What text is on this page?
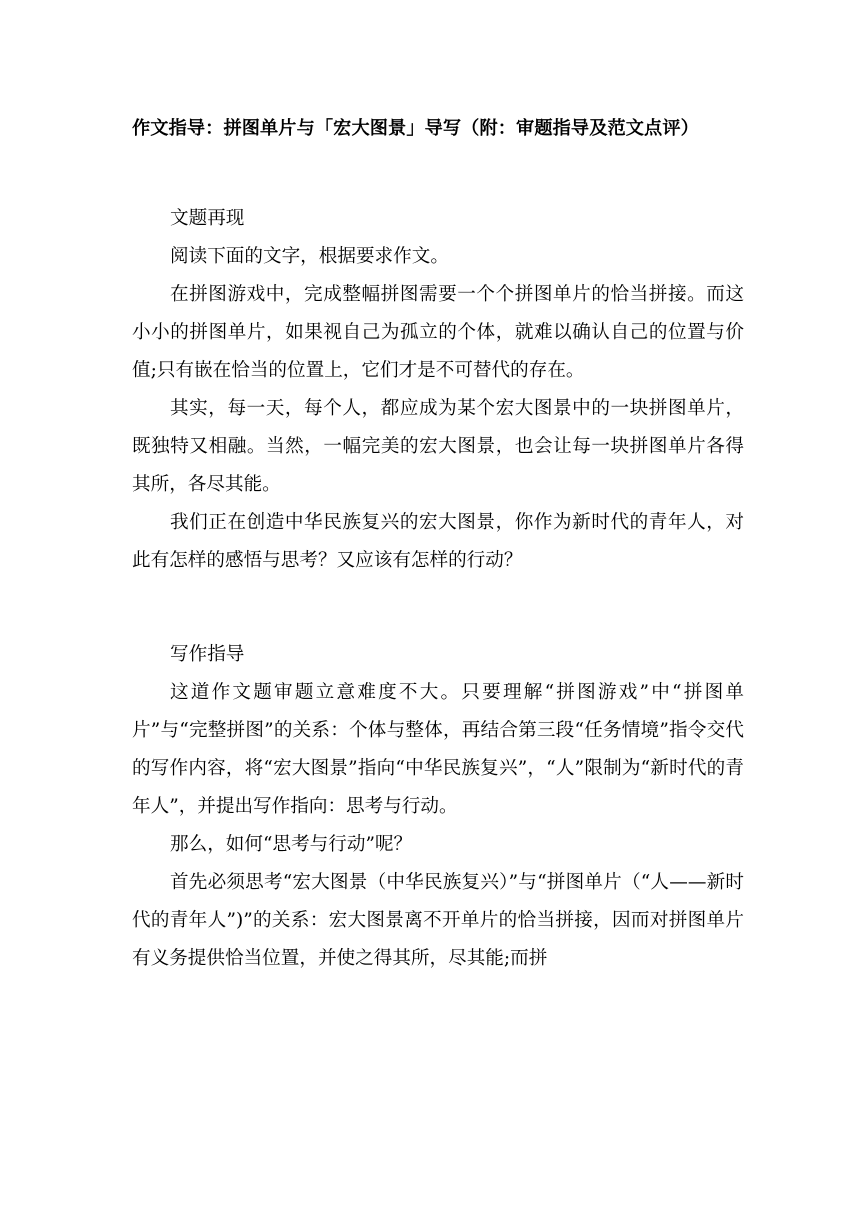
作文指导：拼图单片与「宏大图景」导写（附：审题指导及范文点评）
文题再现

阅读下面的文字，根据要求作文。

在拼图游戏中，完成整幅拼图需要一个个拼图单片的恰当拼接。而这小小的拼图单片，如果视自己为孤立的个体，就难以确认自己的位置与价值;只有嵌在恰当的位置上，它们才是不可替代的存在。

其实，每一天，每个人，都应成为某个宏大图景中的一块拼图单片，既独特又相融。当然，一幅完美的宏大图景，也会让每一块拼图单片各得其所，各尽其能。

我们正在创造中华民族复兴的宏大图景，你作为新时代的青年人，对此有怎样的感悟与思考？又应该有怎样的行动？

写作指导

这道作文题审题立意难度不大。只要理解“拼图游戏”中“拼图单片”与“完整拼图”的关系：个体与整体，再结合第三段“任务情境”指令交代的写作内容，将“宏大图景”指向“中华民族复兴”，“人”限制为“新时代的青年人”，并提出写作指向：思考与行动。

那么，如何“思考与行动”呢？

首先必须思考“宏大图景（中华民族复兴）”与“拼图单片（“人——新时代的青年人”)”的关系：宏大图景离不开单片的恰当拼接，因而对拼图单片有义务提供恰当位置，并使之得其所，尽其能;而拼
